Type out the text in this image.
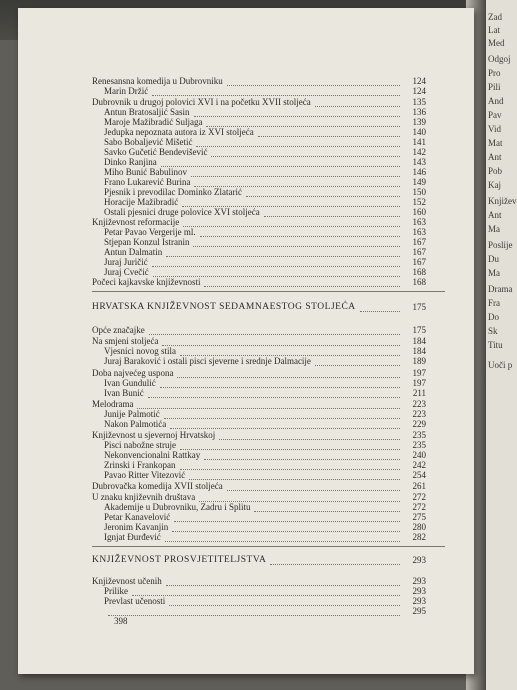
Zad
Lat
Med
Odgoj
Pro
Pili
And
Pav
Vid
Mat
Ant
Pob
Kaj
Književ
Ant
Ma
Poslije
Du
Ma
Drama
Fra
Do
Sk
Titu
Uoči p
Renesansna komedija u Dubrovniku	124
Marin Držić	124
Dubrovnik u drugoj polovici XVI i na početku XVII stoljeća	135
Antun Bratosaljić Sasin	136
Maroje Mažibradić Suljaga	139
Jedupka nepoznata autora iz XVI stoljeća	140
Sabo Bobaljević Mišetić	141
Savko Gučetić Bendevišević	142
Dinko Ranjina	143
Miho Bunić Babulinov	146
Frano Lukarević Burina	149
Pjesnik i prevodilac Dominko Zlatarić	150
Horacije Mažibradić	152
Ostali pjesnici druge polovice XVI stoljeća	160
Književnost reformacije	163
Petar Pavao Vergerije ml.	163
Stjepan Konzul Istranin	167
Antun Dalmatin	167
Juraj Juričić	167
Juraj Cvečić	168
Počeci kajkavske književnosti	168
HRVATSKA KNJIŽEVNOST SEDAMNAESTOG STOLJEĆA	175
Opće značajke	175
Na smjeni stoljeća	184
Vjesnici novog stila	184
Juraj Baraković i ostali pisci sjeverne i srednje Dalmacije	189
Doba najvećeg uspona	197
Ivan Gundulić	197
Ivan Bunić	211
Melodrama	223
Junije Palmotić	223
Nakon Palmotića	229
Književnost u sjevernoj Hrvatskoj	235
Pisci nabožne struje	235
Nekonvencionalni Rattkay	240
Zrinski i Frankopan	242
Pavao Ritter Vitezović	254
Dubrovačka komedija XVII stoljeća	261
U znaku književnih društava	272
Akademije u Dubrovniku, Zadru i Splitu	272
Petar Kanavelović	275
Jeronim Kavanjin	280
Ignjat Đurđević	282
KNJIŽEVNOST PROSVJETITELJSTVA	293
Književnost učenih	293
Prilike	293
Prevlast učenosti	293
295
398
